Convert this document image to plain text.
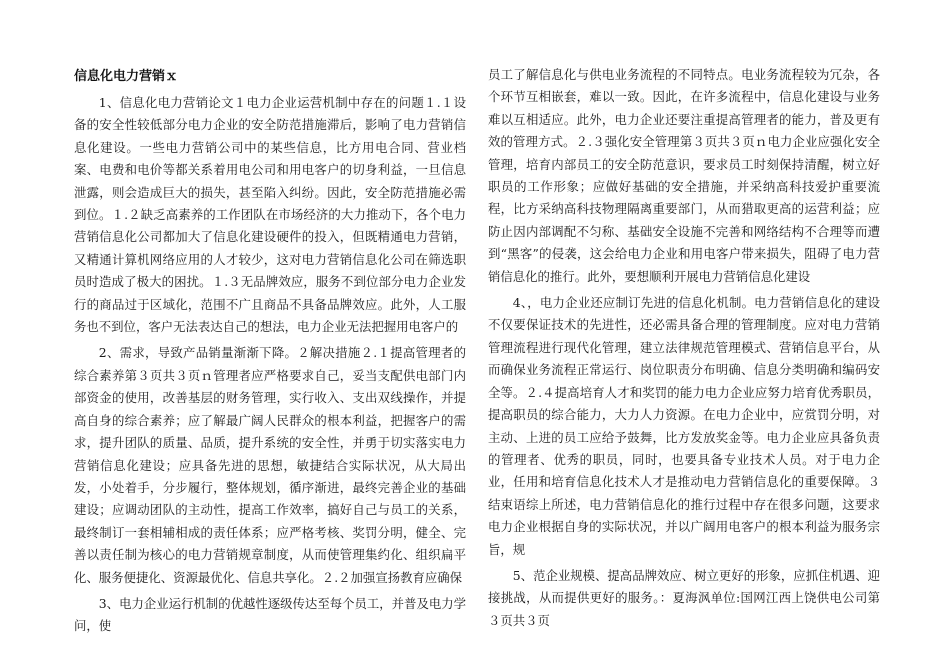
信息化电力营销ｘ

1、信息化电力营销论文１电力企业运营机制中存在的问题１.１设备的安全性较低部分电力企业的安全防范措施滞后，影响了电力营销信息化建设。一些电力营销公司中的某些信息，比方用电合同、营业档案、电费和电价等都关系着用电公司和用电客户的切身利益，一旦信息泄露，则会造成巨大的损失，甚至陷入纠纷。因此，安全防范措施必需到位。１.２缺乏高素养的工作团队在市场经济的大力推动下，各个电力营销信息化公司都加大了信息化建设硬件的投入，但既精通电力营销，又精通计算机网络应用的人才较少，这对电力营销信息化公司在筛选职员时造成了极大的困扰。１.３无品牌效应，服务不到位部分电力企业发行的商品过于区域化，范围不广且商品不具备品牌效应。此外，人工服务也不到位，客户无法表达自己的想法，电力企业无法把握用电客户的

2、需求，导致产品销量渐渐下降。２解决措施２.１提高管理者的综合素养第３页共３页ｎ管理者应严格要求自己，妥当支配供电部门内部资金的使用，改善基层的财务管理，实行收入、支出双线操作，并提高自身的综合素养；应了解最广阔人民群众的根本利益，把握客户的需求，提升团队的质量、品质，提升系统的安全性，并勇于切实落实电力营销信息化建设；应具备先进的思想，敏捷结合实际状况，从大局出发，小处着手，分步履行，整体规划，循序渐进，最终完善企业的基础建设；应调动团队的主动性，提高工作效率，搞好自己与员工的关系，最终制订一套相辅相成的责任体系；应严格考核、奖罚分明，健全、完善以责任制为核心的电力营销规章制度，从而使管理集约化、组织扁平化、服务便捷化、资源最优化、信息共享化。２.２加强宣扬教育应确保

3、电力企业运行机制的优越性逐级传达至每个员工，并普及电力学问，使

员工了解信息化与供电业务流程的不同特点。电业务流程较为冗杂，各个环节互相嵌套，难以一致。因此，在许多流程中，信息化建设与业务难以互相适应。此外，电力企业还要注重提高管理者的能力，普及更有效的管理方式。２.３强化安全管理第３页共３页ｎ电力企业应强化安全管理，培育内部员工的安全防范意识，要求员工时刻保持清醒，树立好职员的工作形象；应做好基础的安全措施，并采纳高科技爱护重要流程，比方采纳高科技物理隔离重要部门，从而猎取更高的运营利益；应防止因内部调配不匀称、基础安全设施不完善和网络结构不合理等而遭到“黑客”的侵袭，这会给电力企业和用电客户带来损失，阻碍了电力营销信息化的推行。此外，要想顺利开展电力营销信息化建设

4、，电力企业还应制订先进的信息化机制。电力营销信息化的建设不仅要保证技术的先进性，还必需具备合理的管理制度。应对电力营销管理流程进行现代化管理，建立法律规范管理模式、营销信息平台，从而确保业务流程正常运行、岗位职责分布明确、信息分类明确和编码安全等。２.４提高培育人才和奖罚的能力电力企业应努力培育优秀职员，提高职员的综合能力，大力人力资源。在电力企业中，应赏罚分明，对主动、上进的员工应给予鼓舞，比方发放奖金等。电力企业应具备负责的管理者、优秀的职员，同时，也要具备专业技术人员。对于电力企业，任用和培育信息化技术人才是推动电力营销信息化的重要保障。３结束语综上所述，电力营销信息化的推行过程中存在很多问题，这要求电力企业根据自身的实际状况，并以广阔用电客户的根本利益为服务宗旨，规

5、范企业规模、提高品牌效应、树立更好的形象，应抓住机遇、迎接挑战，从而提供更好的服务。：夏海沨单位:国网江西上饶供电公司第３页共３页
